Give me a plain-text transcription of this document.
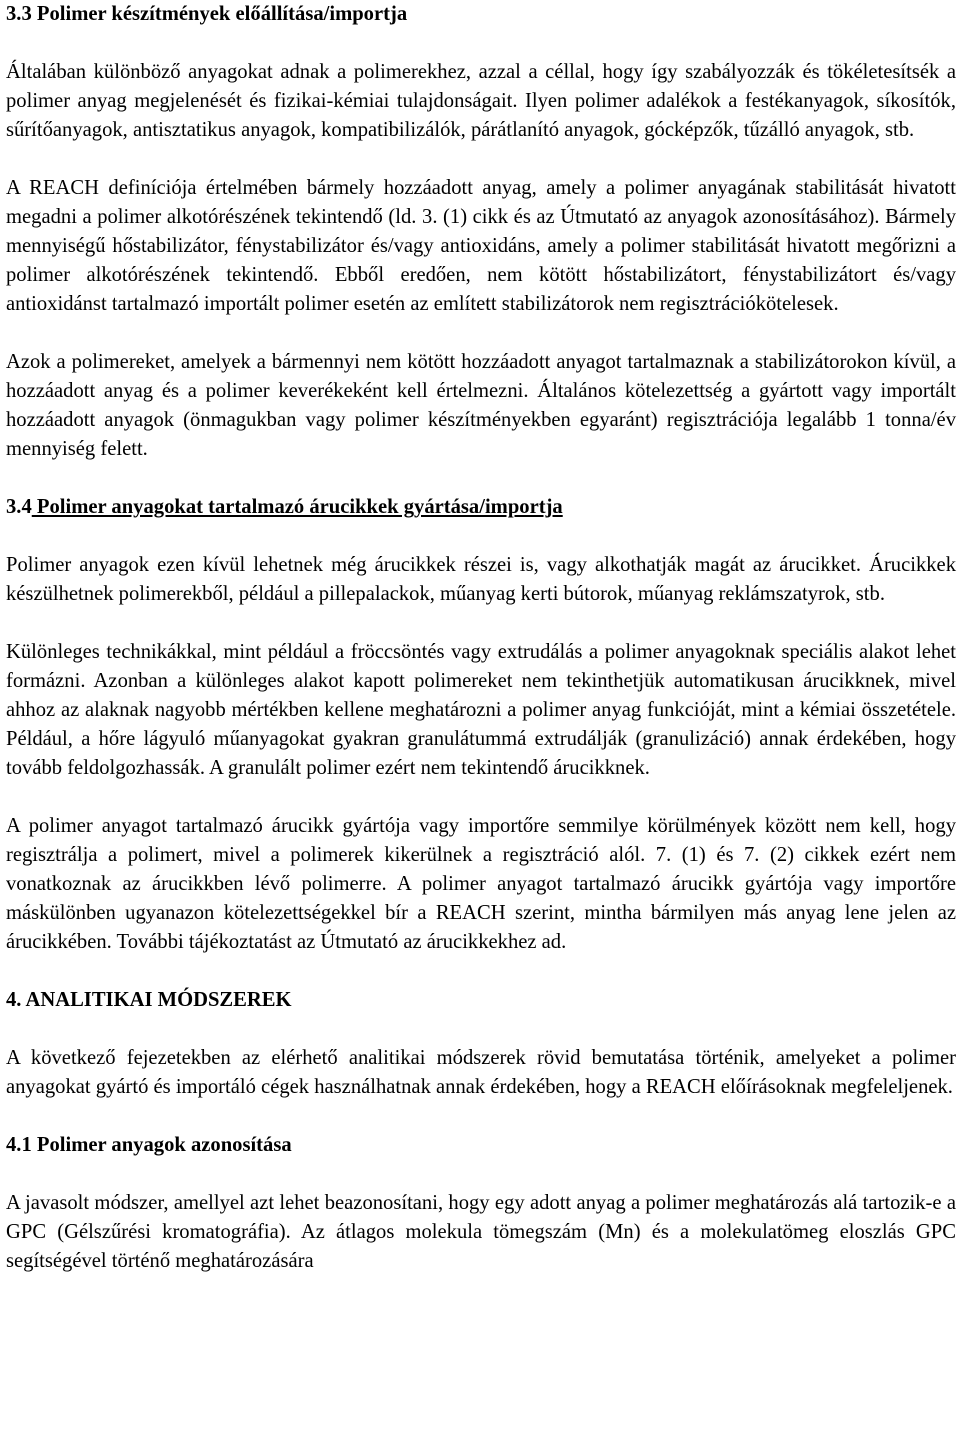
3.3 Polimer készítmények előállítása/importja

Általában különböző anyagokat adnak a polimerekhez, azzal a céllal, hogy így szabályozzák és tökéletesítsék a polimer anyag megjelenését és fizikai-kémiai tulajdonságait. Ilyen polimer adalékok a festékanyagok, síkosítók, sűrítőanyagok, antisztatikus anyagok, kompatibilizálók, párátlanító anyagok, gócképzők, tűzálló anyagok, stb.

A REACH definíciója értelmében bármely hozzáadott anyag, amely a polimer anyagának stabilitását hivatott megadni a polimer alkotórészének tekintendő (ld. 3. (1) cikk és az Útmutató az anyagok azonosításához). Bármely mennyiségű hőstabilizátor, fénystabilizátor és/vagy antioxidáns, amely a polimer stabilitását hivatott megőrizni a polimer alkotórészének tekintendő. Ebből eredően, nem kötött hőstabilizátort, fénystabilizátort és/vagy antioxidánst tartalmazó importált polimer esetén az említett stabilizátorok nem regisztrációkötelesek.

Azok a polimereket, amelyek a bármennyi nem kötött hozzáadott anyagot tartalmaznak a stabilizátorokon kívül, a hozzáadott anyag és a polimer keverékeként kell értelmezni. Általános kötelezettség a gyártott vagy importált hozzáadott anyagok (önmagukban vagy polimer készítményekben egyaránt) regisztrációja legalább 1 tonna/év mennyiség felett.

3.4 Polimer anyagokat tartalmazó árucikkek gyártása/importja

Polimer anyagok ezen kívül lehetnek még árucikkek részei is, vagy alkothatják magát az árucikket. Árucikkek készülhetnek polimerekből, például a pillepalackok, műanyag kerti bútorok, műanyag reklámszatyrok, stb.

Különleges technikákkal, mint például a fröccsöntés vagy extrudálás a polimer anyagoknak speciális alakot lehet formázni. Azonban a különleges alakot kapott polimereket nem tekinthetjük automatikusan árucikknek, mivel ahhoz az alaknak nagyobb mértékben kellene meghatározni a polimer anyag funkcióját, mint a kémiai összetétele. Például, a hőre lágyuló műanyagokat gyakran granulátummá extrudálják (granulizáció) annak érdekében, hogy tovább feldolgozhassák. A granulált polimer ezért nem tekintendő árucikknek.

A polimer anyagot tartalmazó árucikk gyártója vagy importőre semmilye körülmények között nem kell, hogy regisztrálja a polimert, mivel a polimerek kikerülnek a regisztráció alól. 7. (1) és 7. (2) cikkek ezért nem vonatkoznak az árucikkben lévő polimerre. A polimer anyagot tartalmazó árucikk gyártója vagy importőre máskülönben ugyanazon kötelezettségekkel bír a REACH szerint, mintha bármilyen más anyag lene jelen az árucikkében. További tájékoztatást az Útmutató az árucikkekhez ad.

4. ANALITIKAI MÓDSZEREK

A következő fejezetekben az elérhető analitikai módszerek rövid bemutatása történik, amelyeket a polimer anyagokat gyártó és importáló cégek használhatnak annak érdekében, hogy a REACH előírásoknak megfeleljenek.

4.1 Polimer anyagok azonosítása

A javasolt módszer, amellyel azt lehet beazonosítani, hogy egy adott anyag a polimer meghatározás alá tartozik-e a GPC (Gélszűrési kromatográfia). Az átlagos molekula tömegszám (Mn) és a molekulatömeg eloszlás GPC segítségével történő meghatározására
